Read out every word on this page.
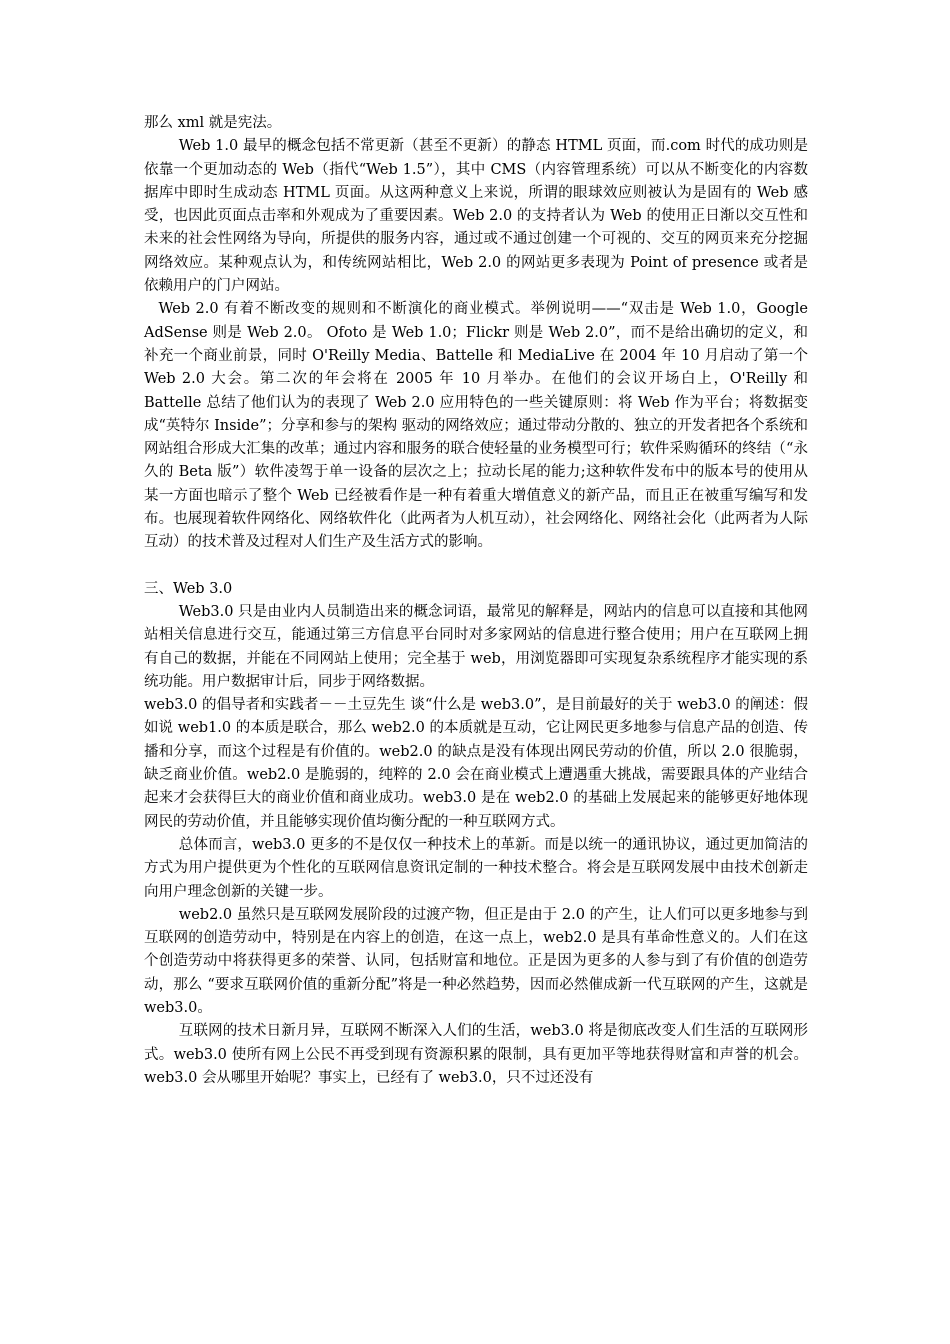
那么 xml 就是宪法。

Web 1.0 最早的概念包括不常更新（甚至不更新）的静态 HTML 页面，而.com 时代的成功则是依靠一个更加动态的 Web（指代“Web 1.5”），其中 CMS（内容管理系统）可以从不断变化的内容数据库中即时生成动态 HTML 页面。从这两种意义上来说，所谓的眼球效应则被认为是固有的 Web 感受，也因此页面点击率和外观成为了重要因素。Web 2.0 的支持者认为 Web 的使用正日渐以交互性和未来的社会性网络为导向，所提供的服务内容，通过或不通过创建一个可视的、交互的网页来充分挖掘网络效应。某种观点认为，和传统网站相比，Web 2.0 的网站更多表现为 Point of presence 或者是依赖用户的门户网站。

Web 2.0 有着不断改变的规则和不断演化的商业模式。举例说明——“双击是 Web 1.0，Google AdSense 则是 Web 2.0。 Ofoto 是 Web 1.0；Flickr 则是 Web 2.0”，而不是给出确切的定义，和补充一个商业前景，同时 O'Reilly Media、Battelle 和 MediaLive 在 2004 年 10 月启动了第一个 Web 2.0 大会。第二次的年会将在 2005 年 10 月举办。在他们的会议开场白上，O'Reilly 和 Battelle 总结了他们认为的表现了 Web 2.0 应用特色的一些关键原则：将 Web 作为平台；将数据变成“英特尔 Inside”；分享和参与的架构 驱动的网络效应；通过带动分散的、独立的开发者把各个系统和网站组合形成大汇集的改革；通过内容和服务的联合使轻量的业务模型可行；软件采购循环的终结（“永久的 Beta 版”）软件凌驾于单一设备的层次之上；拉动长尾的能力;这种软件发布中的版本号的使用从某一方面也暗示了整个 Web 已经被看作是一种有着重大增值意义的新产品，而且正在被重写编写和发布。也展现着软件网络化、网络软件化（此两者为人机互动），社会网络化、网络社会化（此两者为人际互动）的技术普及过程对人们生产及生活方式的影响。

三、Web 3.0

Web3.0 只是由业内人员制造出来的概念词语，最常见的解释是，网站内的信息可以直接和其他网站相关信息进行交互，能通过第三方信息平台同时对多家网站的信息进行整合使用；用户在互联网上拥有自己的数据，并能在不同网站上使用；完全基于 web，用浏览器即可实现复杂系统程序才能实现的系统功能。用户数据审计后，同步于网络数据。

web3.0 的倡导者和实践者－－土豆先生 谈“什么是 web3.0”，是目前最好的关于 web3.0 的阐述：假如说 web1.0 的本质是联合，那么 web2.0 的本质就是互动，它让网民更多地参与信息产品的创造、传播和分享，而这个过程是有价值的。web2.0 的缺点是没有体现出网民劳动的价值，所以 2.0 很脆弱，缺乏商业价值。web2.0 是脆弱的，纯粹的 2.0 会在商业模式上遭遇重大挑战，需要跟具体的产业结合起来才会获得巨大的商业价值和商业成功。web3.0 是在 web2.0 的基础上发展起来的能够更好地体现网民的劳动价值，并且能够实现价值均衡分配的一种互联网方式。

总体而言，web3.0 更多的不是仅仅一种技术上的革新。而是以统一的通讯协议，通过更加简洁的方式为用户提供更为个性化的互联网信息资讯定制的一种技术整合。将会是互联网发展中由技术创新走向用户理念创新的关键一步。

web2.0 虽然只是互联网发展阶段的过渡产物，但正是由于 2.0 的产生，让人们可以更多地参与到互联网的创造劳动中，特别是在内容上的创造，在这一点上，web2.0 是具有革命性意义的。人们在这个创造劳动中将获得更多的荣誉、认同，包括财富和地位。正是因为更多的人参与到了有价值的创造劳动，那么 “要求互联网价值的重新分配”将是一种必然趋势，因而必然催成新一代互联网的产生，这就是 web3.0。

互联网的技术日新月异，互联网不断深入人们的生活，web3.0 将是彻底改变人们生活的互联网形式。web3.0 使所有网上公民不再受到现有资源积累的限制，具有更加平等地获得财富和声誉的机会。web3.0 会从哪里开始呢？事实上，已经有了 web3.0，只不过还没有
